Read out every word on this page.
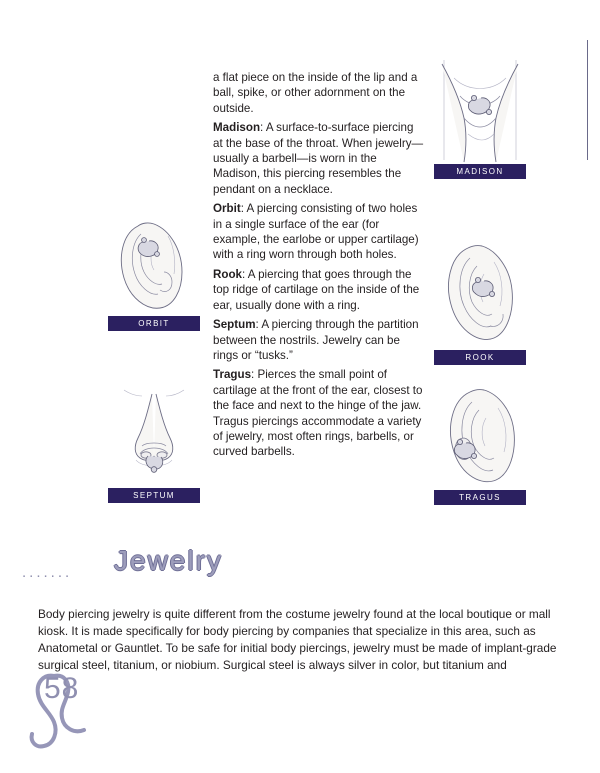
a flat piece on the inside of the lip and a ball, spike, or other adornment on the outside.

Madison: A surface-to-surface piercing at the base of the throat. When jewelry—usually a barbell—is worn in the Madison, this piercing resembles the pendant on a necklace.

Orbit: A piercing consisting of two holes in a single surface of the ear (for example, the earlobe or upper cartilage) with a ring worn through both holes.

Rook: A piercing that goes through the top ridge of cartilage on the inside of the ear, usually done with a ring.

Septum: A piercing through the partition between the nostrils. Jewelry can be rings or “tusks.”

Tragus: Pierces the small point of cartilage at the front of the ear, closest to the face and next to the hinge of the jaw. Tragus piercings accommodate a variety of jewelry, most often rings, barbells, or curved barbells.

MADISON
ORBIT
ROOK
SEPTUM	TRAGUS
....... Jewelry
Body piercing jewelry is quite different from the costume jewelry found at the local boutique or mall kiosk. It is made specifically for body piercing by companies that specialize in this area, such as Anatometal or Gauntlet. To be safe for initial body piercings, jewelry must be made of implant-grade surgical steel, titanium, or niobium. Surgical steel is always silver in color, but titanium and
58
